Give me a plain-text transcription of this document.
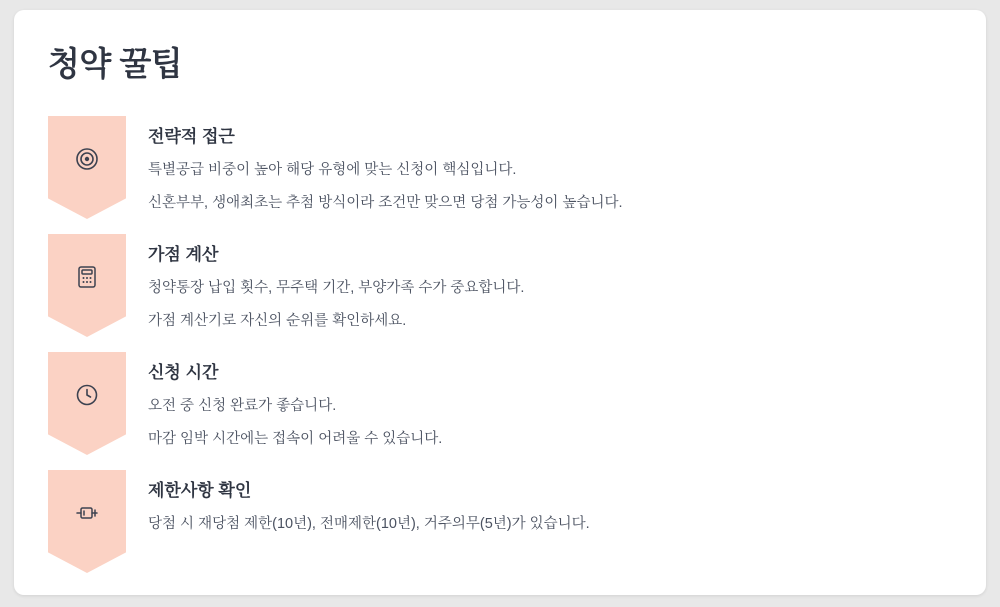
청약 꿀팁
전략적 접근
특별공급 비중이 높아 해당 유형에 맞는 신청이 핵심입니다.
신혼부부, 생애최초는 추첨 방식이라 조건만 맞으면 당첨 가능성이 높습니다.
가점 계산
청약통장 납입 횟수, 무주택 기간, 부양가족 수가 중요합니다.
가점 계산기로 자신의 순위를 확인하세요.
신청 시간
오전 중 신청 완료가 좋습니다.
마감 임박 시간에는 접속이 어려울 수 있습니다.
제한사항 확인
당첨 시 재당첨 제한(10년), 전매제한(10년), 거주의무(5년)가 있습니다.
